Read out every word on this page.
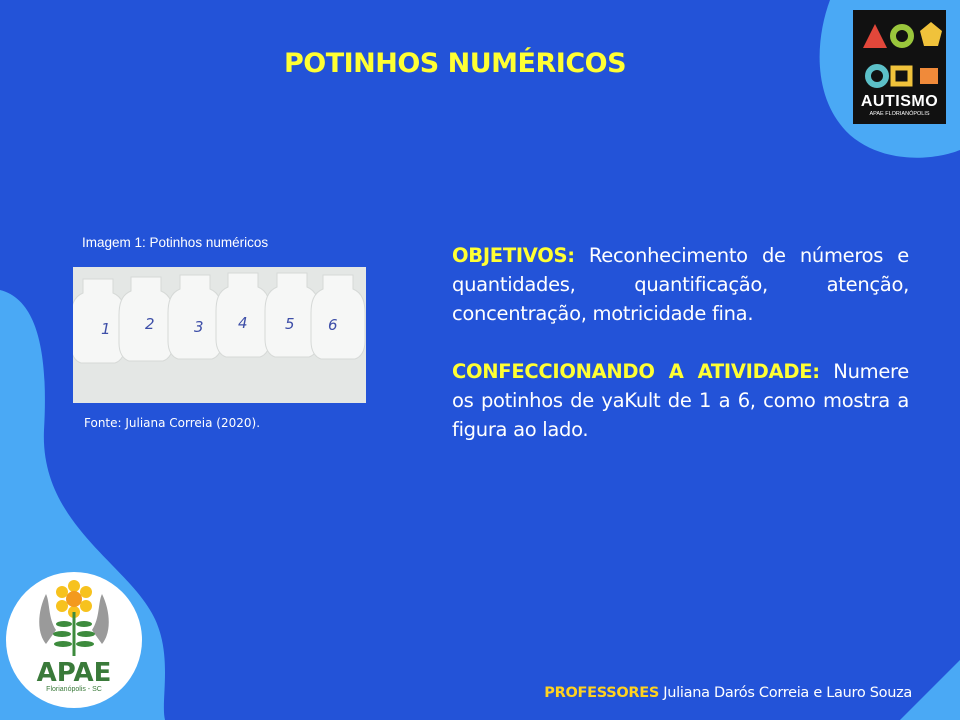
POTINHOS NUMÉRICOS
Imagem 1: Potinhos numéricos
1 2	3 4 5 6
Fonte: Juliana Correia (2020).

OBJETIVOS: Reconhecimento de números e quantidades, quantificação, atenção, concentração, motricidade fina.

CONFECCIONANDO A ATIVIDADE: Numere os potinhos de yaKult de 1 a 6, como mostra a figura ao lado.

PROFESSORES Juliana Darós Correia e Lauro Souza
AUTISMO
APAE FLORIANÓPOLIS
APAE
Florianópolis - SC
